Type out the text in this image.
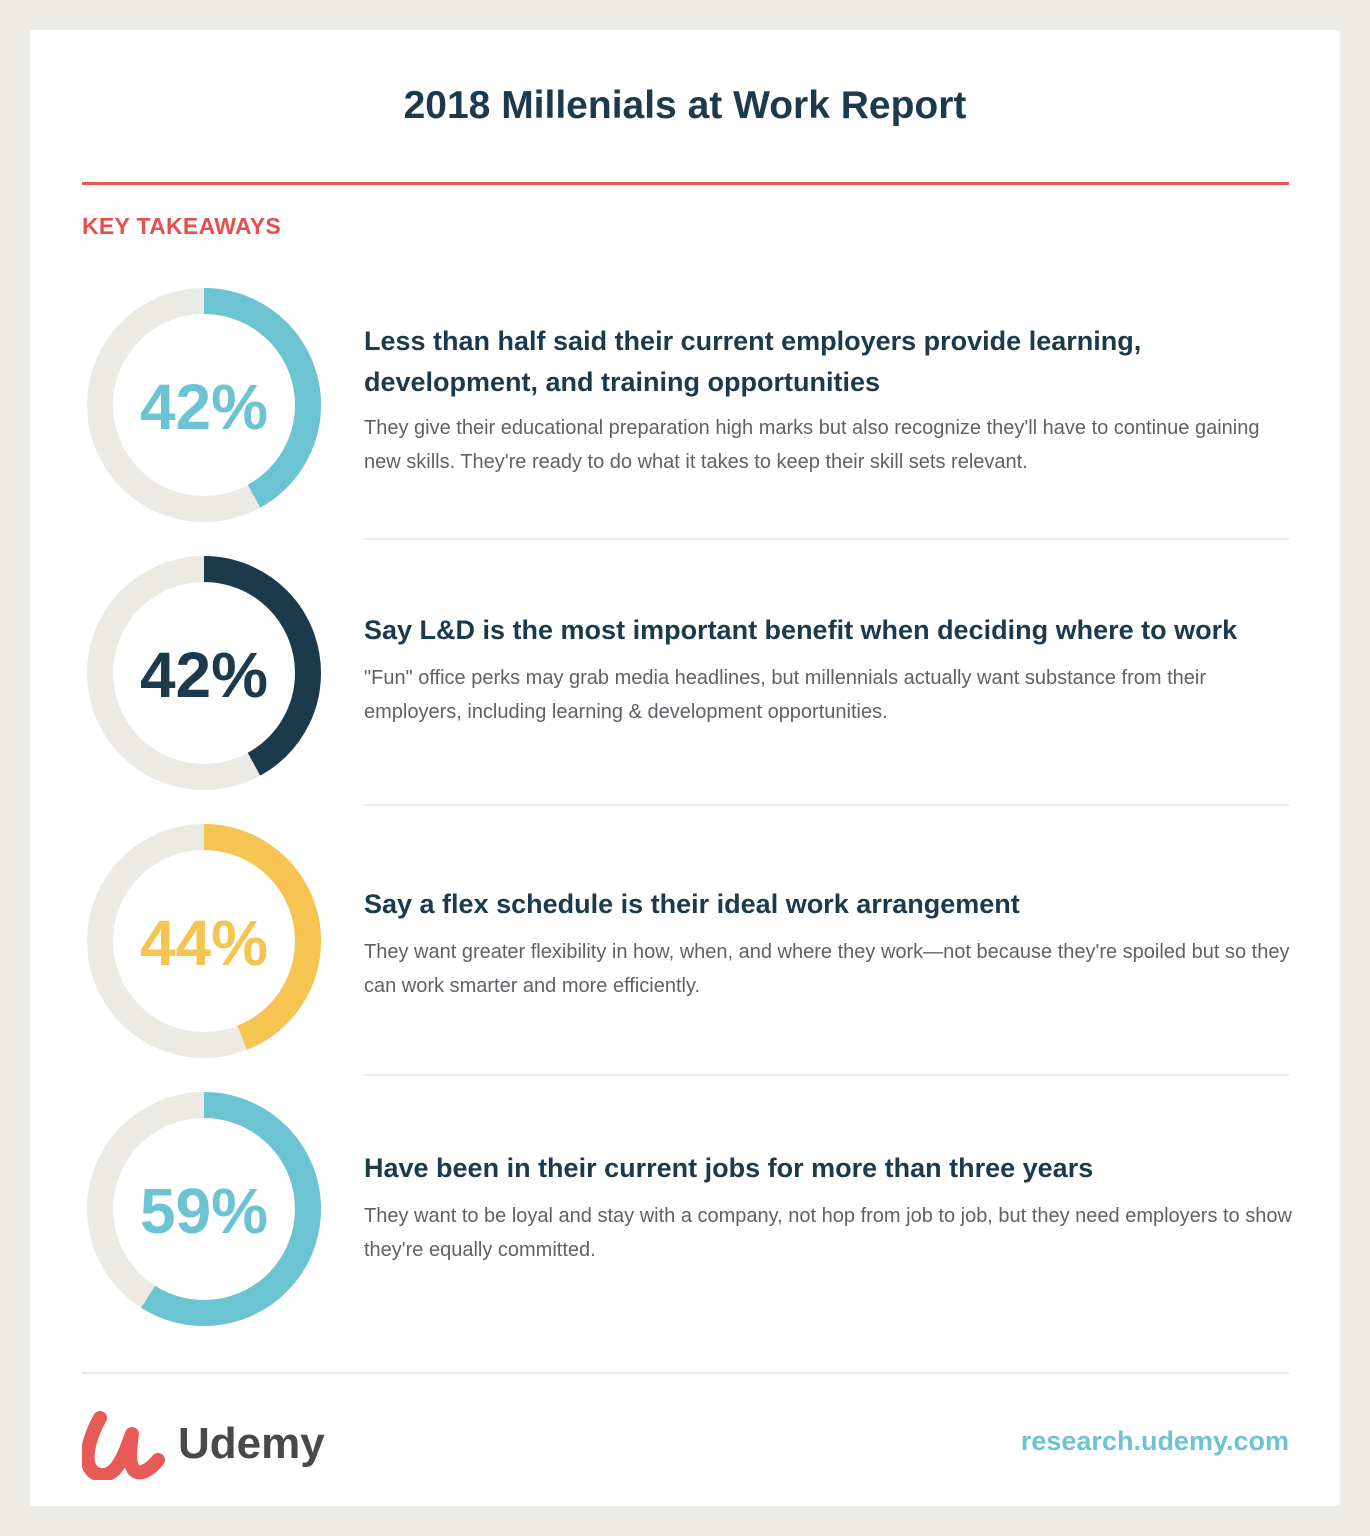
2018 Millenials at Work Report
KEY TAKEAWAYS
42%

Less than half said their current employers provide learning, development, and training opportunities

They give their educational preparation high marks but also recognize they'll have to continue gaining new skills. They're ready to do what it takes to keep their skill sets relevant.

42%

Say L&D is the most important benefit when deciding where to work

"Fun" office perks may grab media headlines, but millennials actually want substance from their employers, including learning & development opportunities.

44%

Say a flex schedule is their ideal work arrangement

They want greater flexibility in how, when, and where they work—not because they're spoiled but so they can work smarter and more efficiently.

59%

Have been in their current jobs for more than three years

They want to be loyal and stay with a company, not hop from job to job, but they need employers to show they're equally committed.

Udemy	research.udemy.com
